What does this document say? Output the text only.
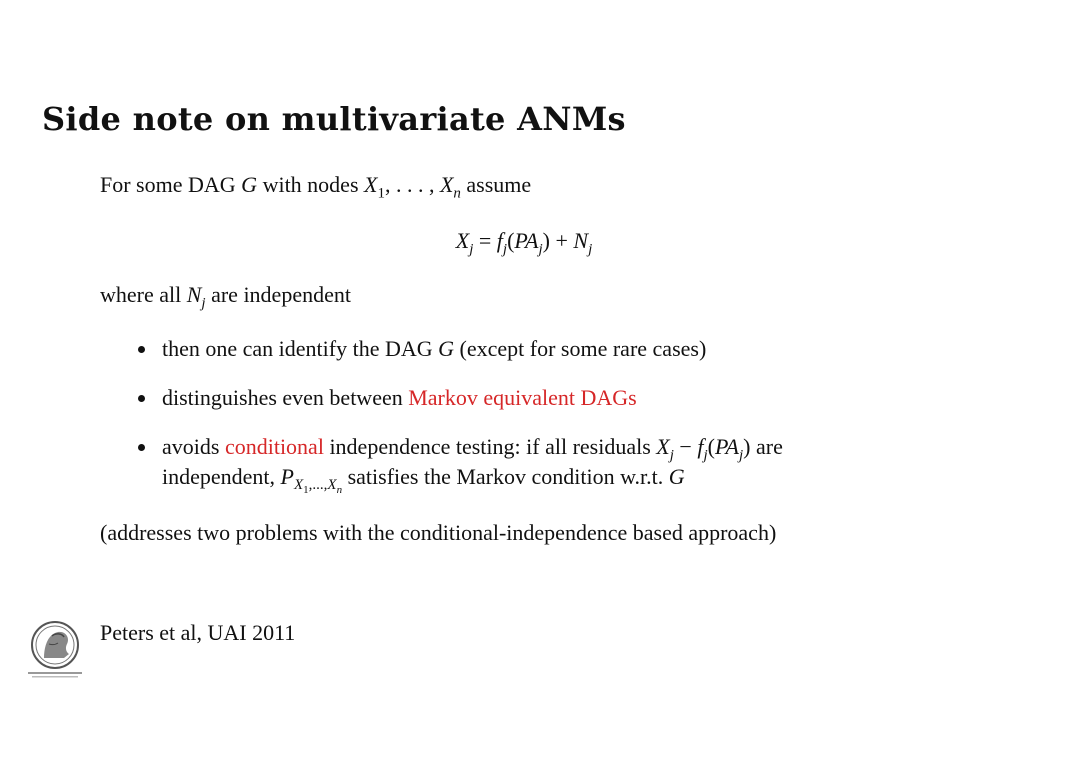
Side note on multivariate ANMs
For some DAG G with nodes $X_1$, . . . , $X_n$ assume
$X_j = f_j(PA_j) + N_j$
where all $N_j$ are independent
then one can identify the DAG G (except for some rare cases)
distinguishes even between Markov equivalent DAGs
avoids conditional independence testing: if all residuals $X_j - f_j(PA_j)$ are
independent, $P_{X_1,...,X_n}$ satisfies the Markov condition w.r.t. G
(addresses two problems with the conditional-independence based approach)
Peters et al, UAI 2011
